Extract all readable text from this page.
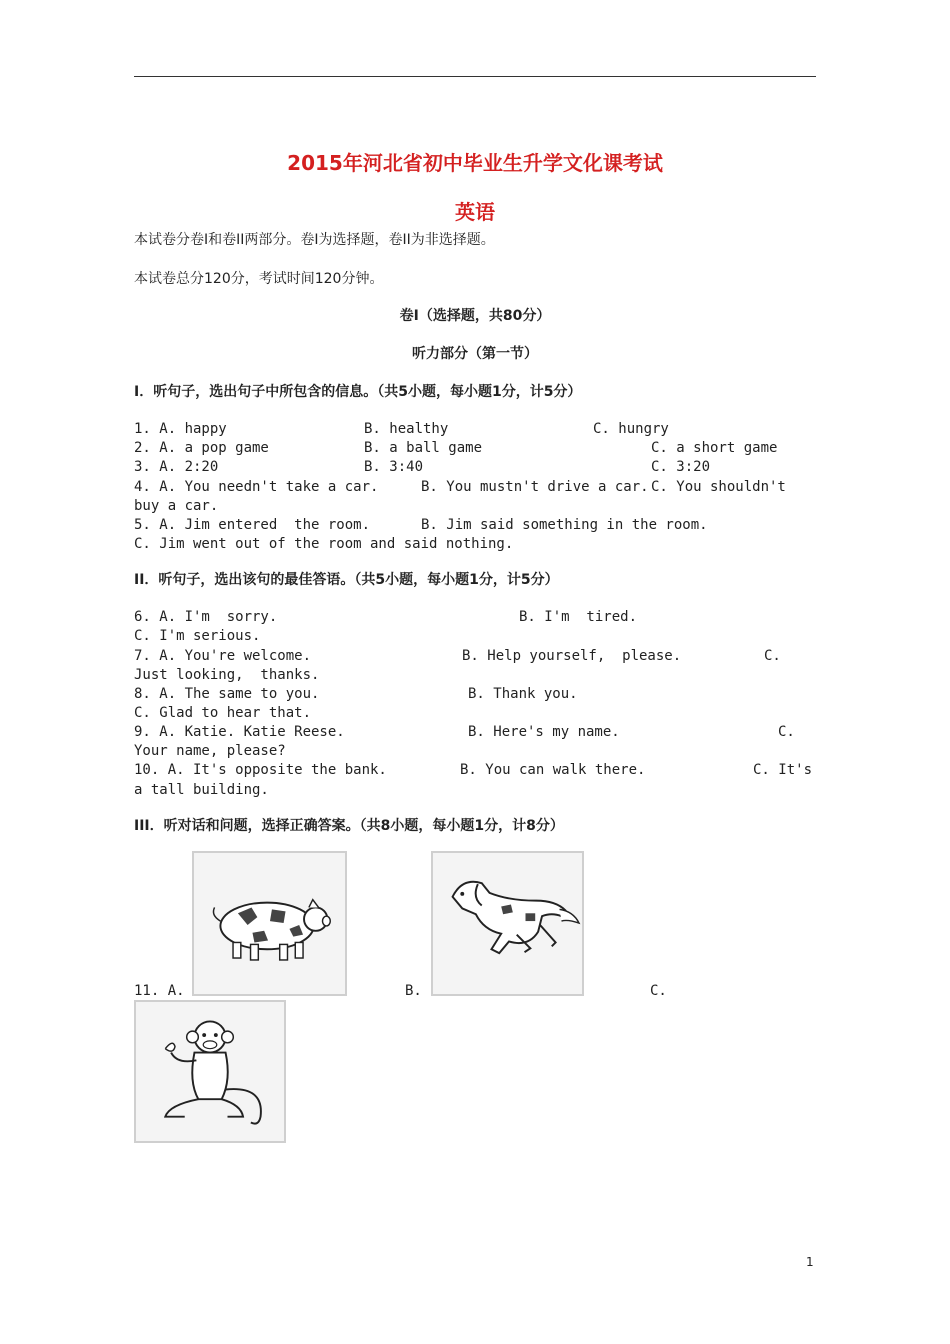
2015年河北省初中毕业生升学文化课考试
英语
本试卷分卷I和卷II两部分。卷I为选择题，卷II为非选择题。
本试卷总分120分，考试时间120分钟。
卷I（选择题，共80分）
听力部分（第一节）
I．听句子，选出句子中所包含的信息。（共5小题，每小题1分，计5分）
1. A. happy	B. healthy	C. hungry
2. A. a pop game	B. a ball game	C. a short game
3. A. 2:20	B. 3:40	C. 3:20
4. A. You needn't take a car.	B. You mustn't drive a car. C. You shouldn't
buy a car.
5. A. Jim entered  the room.	B. Jim said something in the room.
C. Jim went out of the room and said nothing.
II．听句子，选出该句的最佳答语。（共5小题，每小题1分，计5分）
6. A. I'm  sorry.	B. I'm  tired.
C. I'm serious.
7. A. You're welcome.	B. Help yourself,  please.	C.
Just looking,  thanks.
8. A. The same to you.	B. Thank you.
C. Glad to hear that.
9. A. Katie. Katie Reese.	B. Here's my name.	C.
Your name, please?
10. A. It's opposite the bank.	B. You can walk there.	C. It's
a tall building.
III．听对话和问题，选择正确答案。（共8小题，每小题1分，计8分）
11. A.	B.	C.
1
